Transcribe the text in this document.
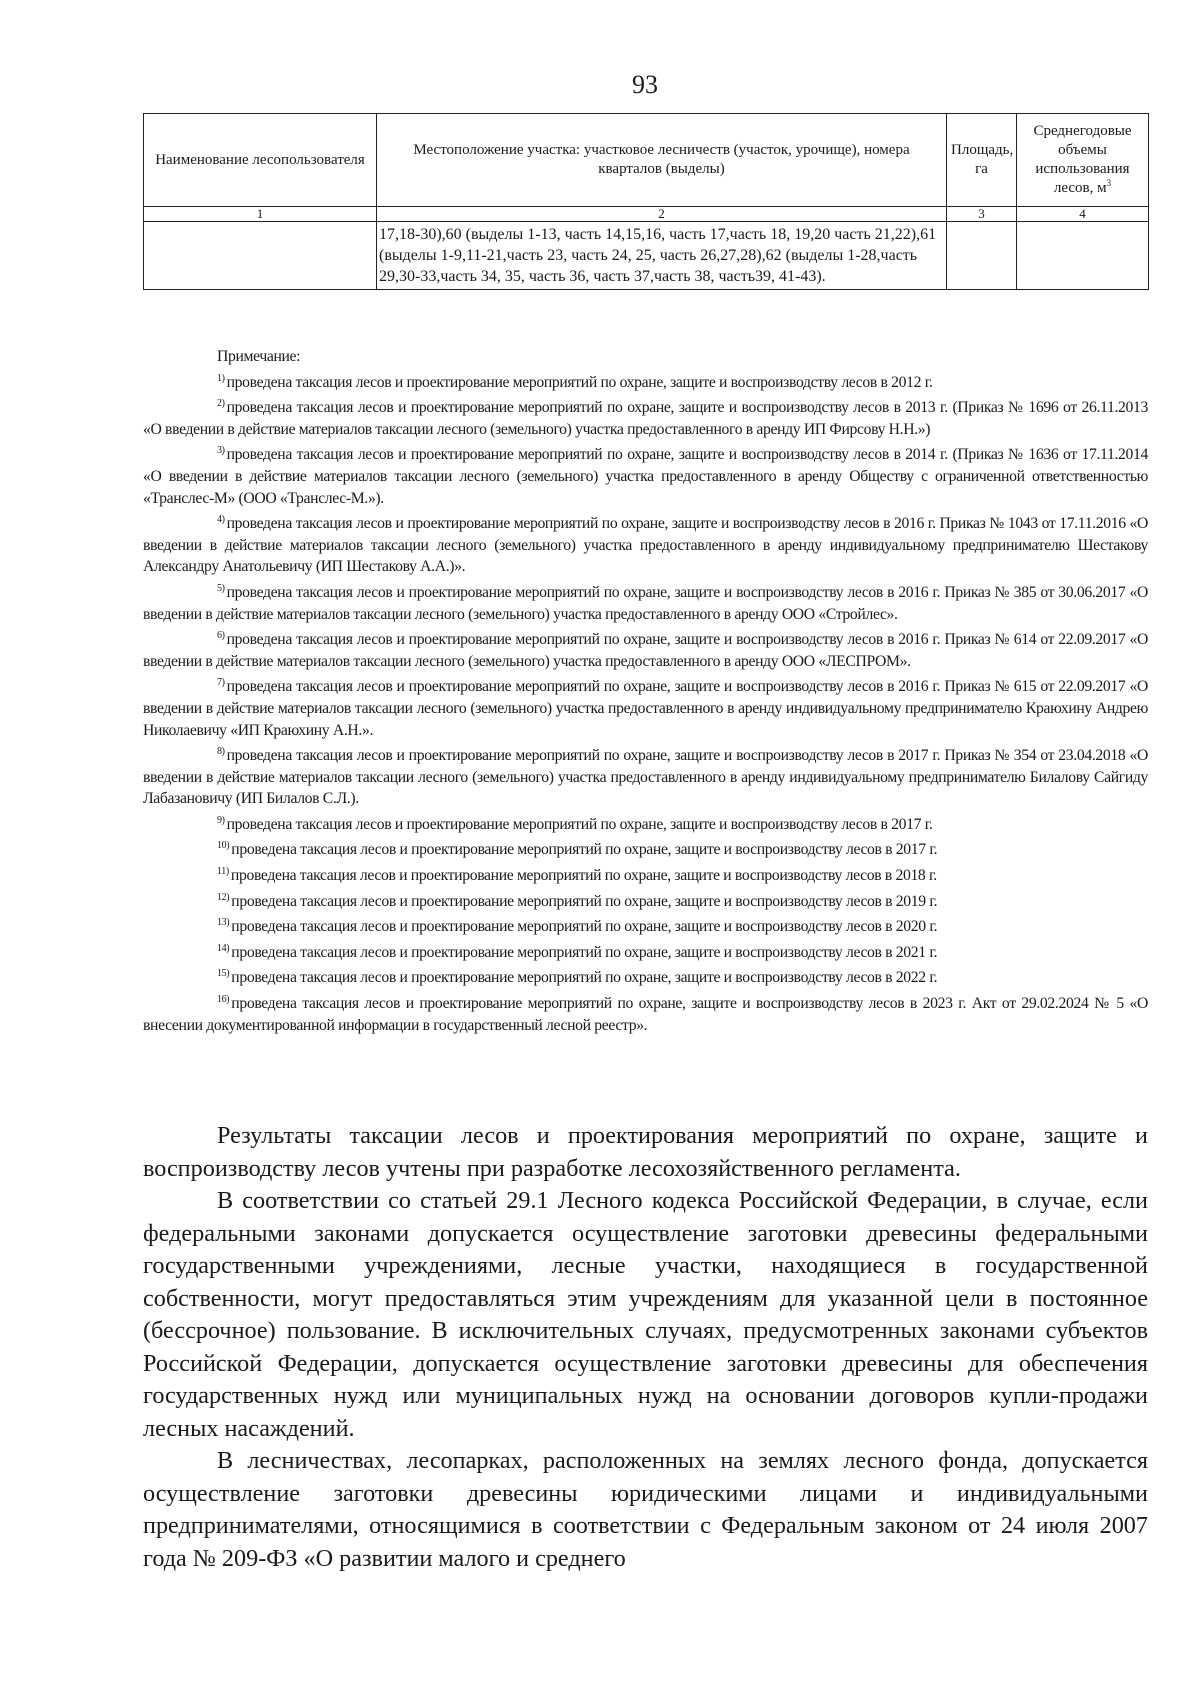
93
Наименование лесопользователя	Местоположение участка: участковое лесничеств (участок, урочище), номера кварталов (выделы)	Площадь, га	Среднегодовые объемы использования лесов, $м^3$
1	2	3	4
	17,18-30),60 (выделы 1-13, часть 14,15,16, часть 17,часть 18, 19,20 часть 21,22),61 (выделы 1-9,11-21,часть 23, часть 24, 25, часть 26,27,28),62 (выделы 1-28,часть 29,30-33,часть 34, 35, часть 36, часть 37,часть 38, часть39, 41-43).		

Примечание:

$^{1)}$ проведена таксация лесов и проектирование мероприятий по охране, защите и воспроизводству лесов в 2012 г.

$^{2)}$ проведена таксация лесов и проектирование мероприятий по охране, защите и воспроизводству лесов в 2013 г. (Приказ № 1696 от 26.11.2013 «О введении в действие материалов таксации лесного (земельного) участка предоставленного в аренду ИП Фирсову Н.Н.»)

$^{3)}$ проведена таксация лесов и проектирование мероприятий по охране, защите и воспроизводству лесов в 2014 г. (Приказ № 1636 от 17.11.2014 «О введении в действие материалов таксации лесного (земельного) участка предоставленного в аренду Обществу с ограниченной ответственностью «Транслес-М» (ООО «Транслес-М.»).

$^{4)}$ проведена таксация лесов и проектирование мероприятий по охране, защите и воспроизводству лесов в 2016 г. Приказ № 1043 от 17.11.2016 «О введении в действие материалов таксации лесного (земельного) участка предоставленного в аренду индивидуальному предпринимателю Шестакову Александру Анатольевичу (ИП Шестакову А.А.)».

$^{5)}$ проведена таксация лесов и проектирование мероприятий по охране, защите и воспроизводству лесов в 2016 г. Приказ № 385 от 30.06.2017 «О введении в действие материалов таксации лесного (земельного) участка предоставленного в аренду ООО «Стройлес».

$^{6)}$ проведена таксация лесов и проектирование мероприятий по охране, защите и воспроизводству лесов в 2016 г. Приказ № 614 от 22.09.2017 «О введении в действие материалов таксации лесного (земельного) участка предоставленного в аренду ООО «ЛЕСПРОМ».

$^{7)}$ проведена таксация лесов и проектирование мероприятий по охране, защите и воспроизводству лесов в 2016 г. Приказ № 615 от 22.09.2017 «О введении в действие материалов таксации лесного (земельного) участка предоставленного в аренду индивидуальному предпринимателю Краюхину Андрею Николаевичу «ИП Краюхину А.Н.».

$^{8)}$ проведена таксация лесов и проектирование мероприятий по охране, защите и воспроизводству лесов в 2017 г. Приказ № 354 от 23.04.2018 «О введении в действие материалов таксации лесного (земельного) участка предоставленного в аренду индивидуальному предпринимателю Билалову Сайгиду Лабазановичу (ИП Билалов С.Л.).

$^{9)}$ проведена таксация лесов и проектирование мероприятий по охране, защите и воспроизводству лесов в 2017 г.

$^{10)}$ проведена таксация лесов и проектирование мероприятий по охране, защите и воспроизводству лесов в 2017 г.

$^{11)}$ проведена таксация лесов и проектирование мероприятий по охране, защите и воспроизводству лесов в 2018 г.

$^{12)}$ проведена таксация лесов и проектирование мероприятий по охране, защите и воспроизводству лесов в 2019 г.

$^{13)}$ проведена таксация лесов и проектирование мероприятий по охране, защите и воспроизводству лесов в 2020 г.

$^{14)}$ проведена таксация лесов и проектирование мероприятий по охране, защите и воспроизводству лесов в 2021 г.

$^{15)}$ проведена таксация лесов и проектирование мероприятий по охране, защите и воспроизводству лесов в 2022 г.

$^{16)}$ проведена таксация лесов и проектирование мероприятий по охране, защите и воспроизводству лесов в 2023 г. Акт от 29.02.2024 № 5 «О внесении документированной информации в государственный лесной реестр».

Результаты таксации лесов и проектирования мероприятий по охране, защите и воспроизводству лесов учтены при разработке лесохозяйственного регламента.

В соответствии со статьей 29.1 Лесного кодекса Российской Федерации, в случае, если федеральными законами допускается осуществление заготовки древесины федеральными государственными учреждениями, лесные участки, находящиеся в государственной собственности, могут предоставляться этим учреждениям для указанной цели в постоянное (бессрочное) пользование. В исключительных случаях, предусмотренных законами субъектов Российской Федерации, допускается осуществление заготовки древесины для обеспечения государственных нужд или муниципальных нужд на основании договоров купли-продажи лесных насаждений.

В лесничествах, лесопарках, расположенных на землях лесного фонда, допускается осуществление заготовки древесины юридическими лицами и индивидуальными предпринимателями, относящимися в соответствии с Федеральным законом от 24 июля 2007 года № 209-ФЗ «О развитии малого и среднего
